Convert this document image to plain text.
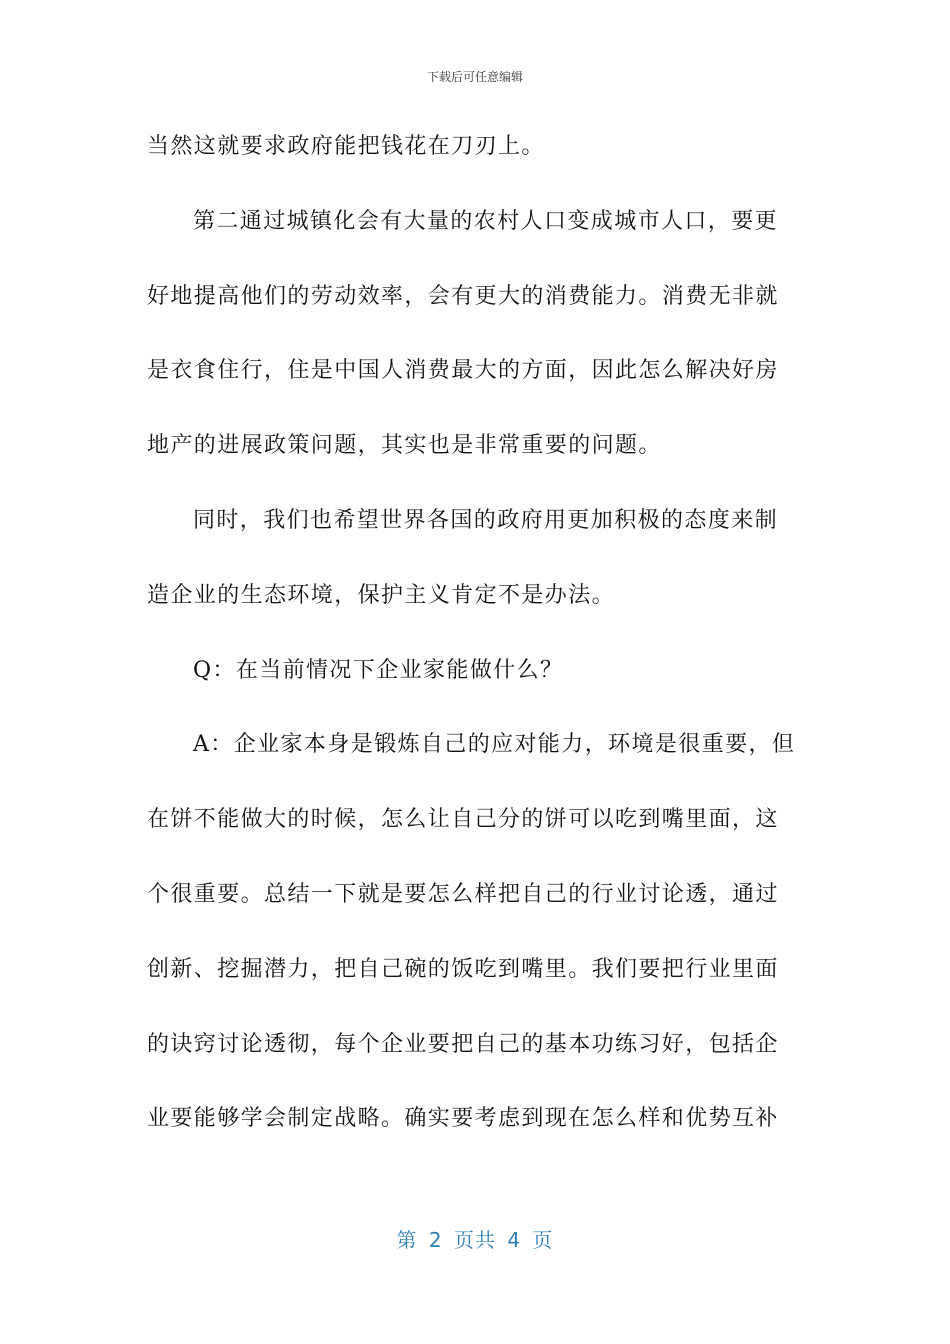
下载后可任意编辑
当然这就要求政府能把钱花在刀刃上。
第二通过城镇化会有大量的农村人口变成城市人口，要更
好地提高他们的劳动效率，会有更大的消费能力。消费无非就
是衣食住行，住是中国人消费最大的方面，因此怎么解决好房
地产的进展政策问题，其实也是非常重要的问题。
同时，我们也希望世界各国的政府用更加积极的态度来制
造企业的生态环境，保护主义肯定不是办法。
Q：在当前情况下企业家能做什么？
A：企业家本身是锻炼自己的应对能力，环境是很重要，但
在饼不能做大的时候，怎么让自己分的饼可以吃到嘴里面，这
个很重要。总结一下就是要怎么样把自己的行业讨论透，通过
创新、挖掘潜力，把自己碗的饭吃到嘴里。我们要把行业里面
的诀窍讨论透彻，每个企业要把自己的基本功练习好，包括企
业要能够学会制定战略。确实要考虑到现在怎么样和优势互补
第 2 页共 4 页
